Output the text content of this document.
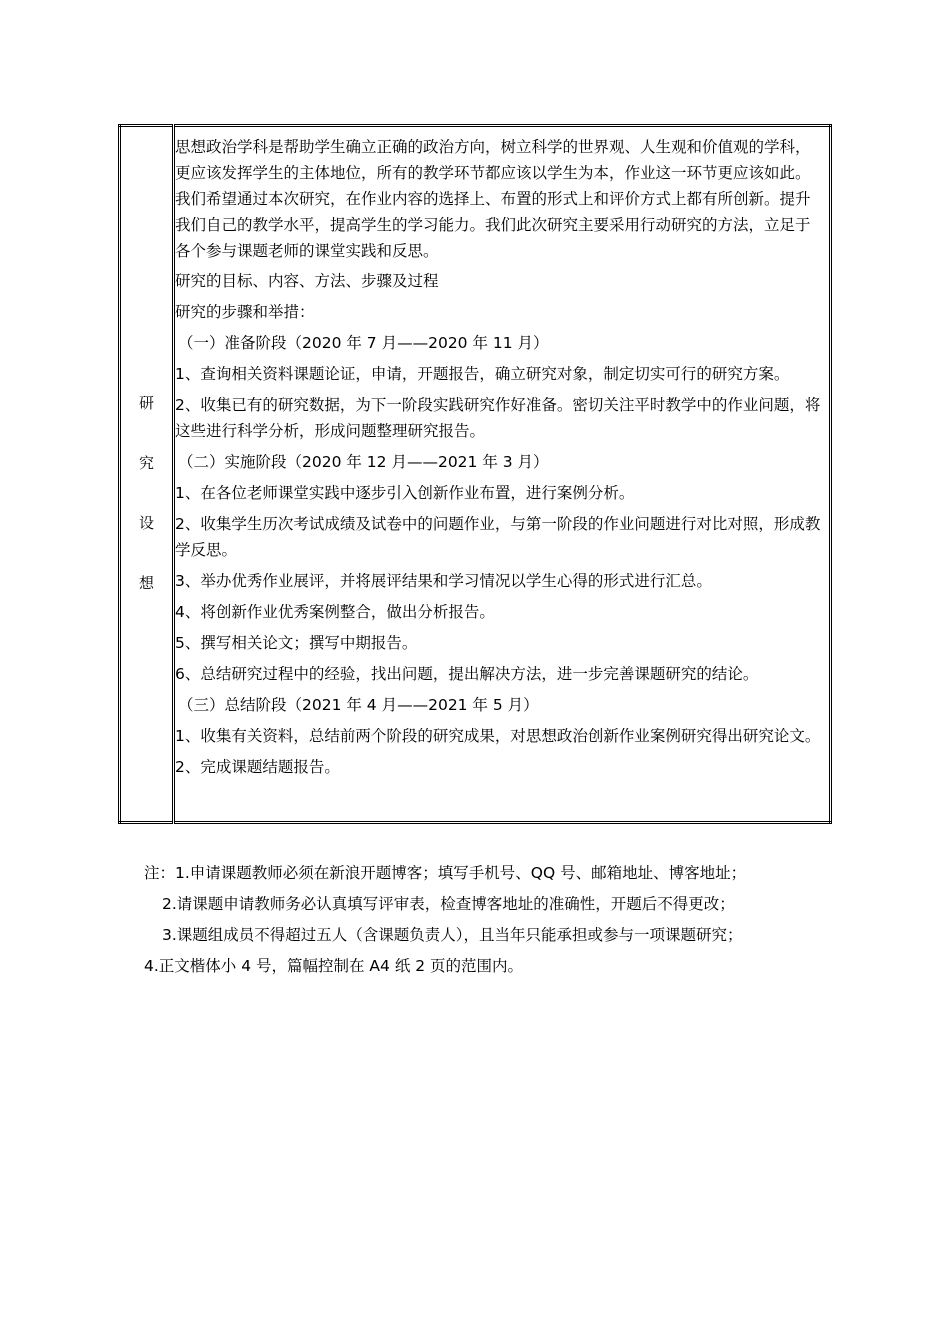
研
究
设
想

思想政治学科是帮助学生确立正确的政治方向，树立科学的世界观、人生观和价值观的学科，更应该发挥学生的主体地位，所有的教学环节都应该以学生为本，作业这一环节更应该如此。我们希望通过本次研究，在作业内容的选择上、布置的形式上和评价方式上都有所创新。提升我们自己的教学水平，提高学生的学习能力。我们此次研究主要采用行动研究的方法，立足于各个参与课题老师的课堂实践和反思。

研究的目标、内容、方法、步骤及过程

研究的步骤和举措：

（一）准备阶段（2020 年 7 月——2020 年 11 月）

1、查询相关资料课题论证，申请，开题报告，确立研究对象，制定切实可行的研究方案。

2、收集已有的研究数据，为下一阶段实践研究作好准备。密切关注平时教学中的作业问题，将这些进行科学分析，形成问题整理研究报告。

（二）实施阶段（2020 年 12 月——2021 年 3 月）

1、在各位老师课堂实践中逐步引入创新作业布置，进行案例分析。

2、收集学生历次考试成绩及试卷中的问题作业，与第一阶段的作业问题进行对比对照，形成教学反思。

3、举办优秀作业展评，并将展评结果和学习情况以学生心得的形式进行汇总。

4、将创新作业优秀案例整合，做出分析报告。

5、撰写相关论文；撰写中期报告。

6、总结研究过程中的经验，找出问题，提出解决方法，进一步完善课题研究的结论。

（三）总结阶段（2021 年 4 月——2021 年 5 月）

1、收集有关资料，总结前两个阶段的研究成果，对思想政治创新作业案例研究得出研究论文。

2、完成课题结题报告。

注：1.申请课题教师必须在新浪开题博客；填写手机号、QQ 号、邮箱地址、博客地址；
2.请课题申请教师务必认真填写评审表，检查博客地址的准确性，开题后不得更改；
3.课题组成员不得超过五人（含课题负责人），且当年只能承担或参与一项课题研究；
4.正文楷体小 4 号，篇幅控制在 A4 纸 2 页的范围内。
